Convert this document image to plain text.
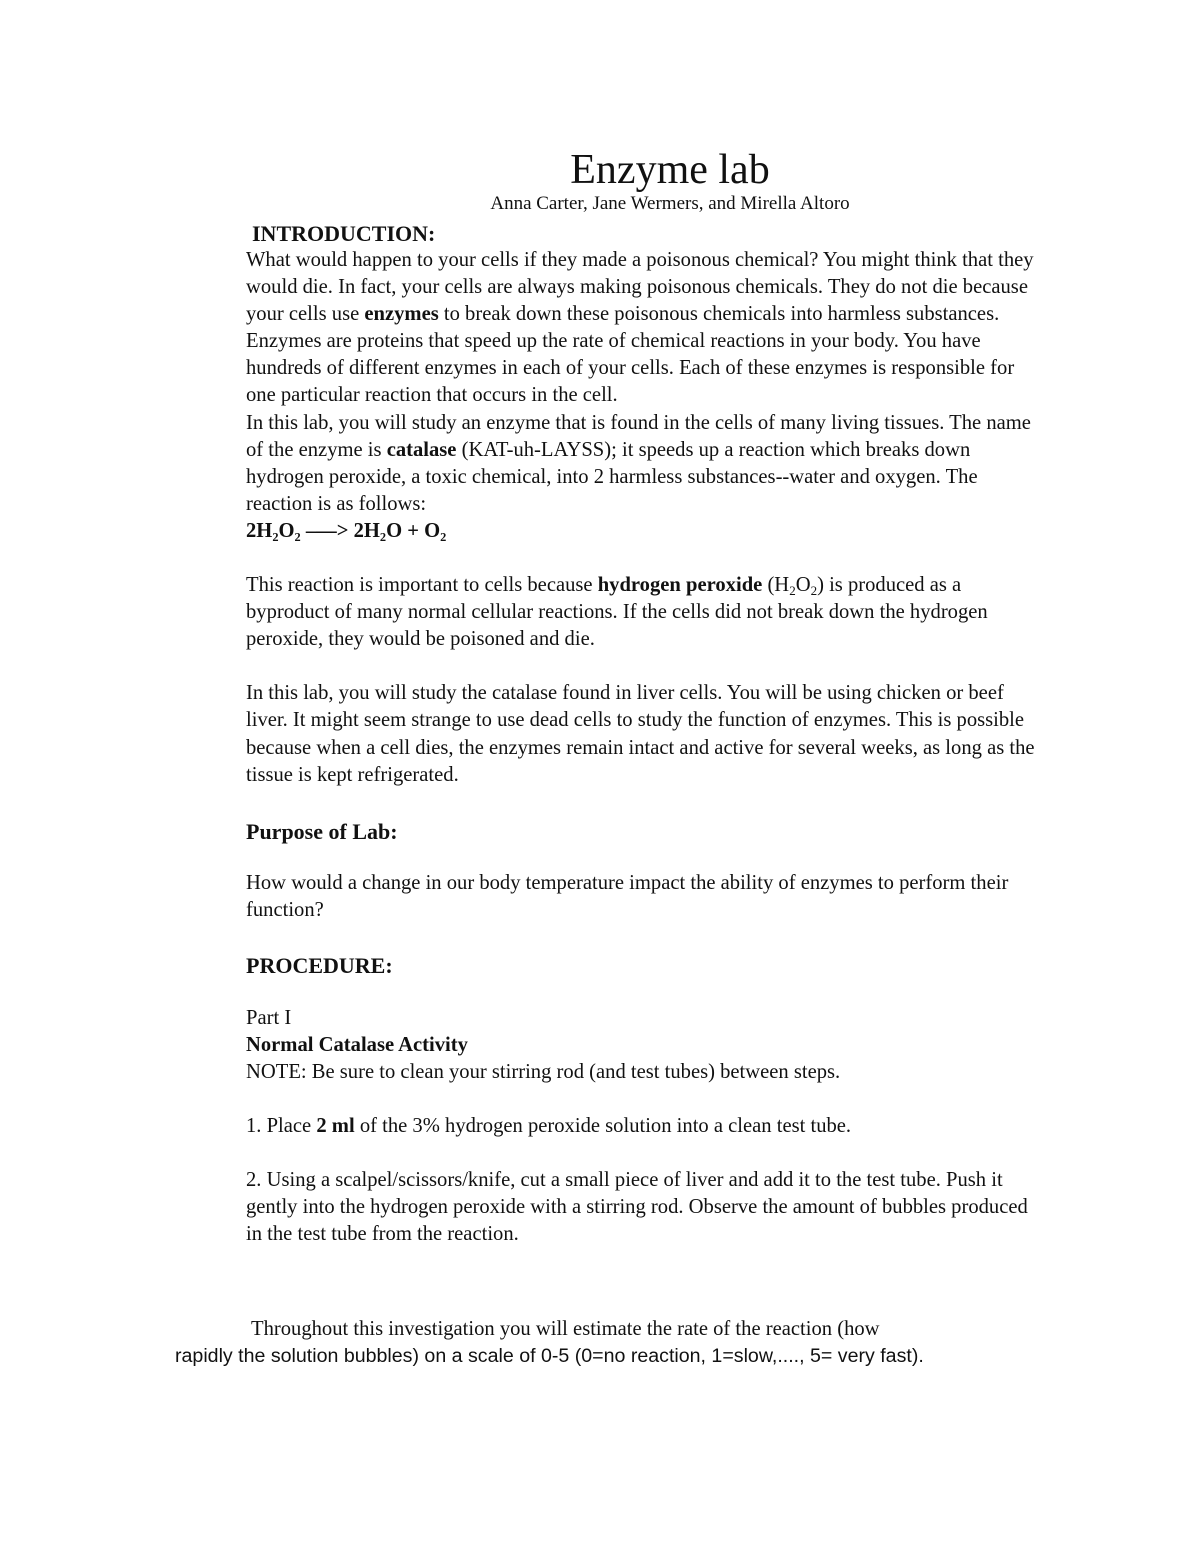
Enzyme lab
Anna Carter, Jane Wermers, and Mirella Altoro

INTRODUCTION:

What would happen to your cells if they made a poisonous chemical? You might think that they would die. In fact, your cells are always making poisonous chemicals. They do not die because your cells use enzymes to break down these poisonous chemicals into harmless substances. Enzymes are proteins that speed up the rate of chemical reactions in your body. You have hundreds of different enzymes in each of your cells. Each of these enzymes is responsible for one particular reaction that occurs in the cell.

In this lab, you will study an enzyme that is found in the cells of many living tissues. The name of the enzyme is catalase (KAT-uh-LAYSS); it speeds up a reaction which breaks down hydrogen peroxide, a toxic chemical, into 2 harmless substances--water and oxygen. The reaction is as follows:

2H₂O₂ –—> 2H₂O + O₂

This reaction is important to cells because hydrogen peroxide $(H_2O_2)$ is produced as a byproduct of many normal cellular reactions. If the cells did not break down the hydrogen peroxide, they would be poisoned and die.

In this lab, you will study the catalase found in liver cells. You will be using chicken or beef liver. It might seem strange to use dead cells to study the function of enzymes. This is possible because when a cell dies, the enzymes remain intact and active for several weeks, as long as the tissue is kept refrigerated.

Purpose of Lab:

How would a change in our body temperature impact the ability of enzymes to perform their function?

PROCEDURE:

Part I

Normal Catalase Activity

NOTE: Be sure to clean your stirring rod (and test tubes) between steps.

1. Place 2 ml of the 3% hydrogen peroxide solution into a clean test tube.

2. Using a scalpel/scissors/knife, cut a small piece of liver and add it to the test tube. Push it gently into the hydrogen peroxide with a stirring rod. Observe the amount of bubbles produced in the test tube from the reaction.

Throughout this investigation you will estimate the rate of the reaction (how
rapidly the solution bubbles) on a scale of 0-5 (0=no reaction, 1=slow,...., 5= very fast).
